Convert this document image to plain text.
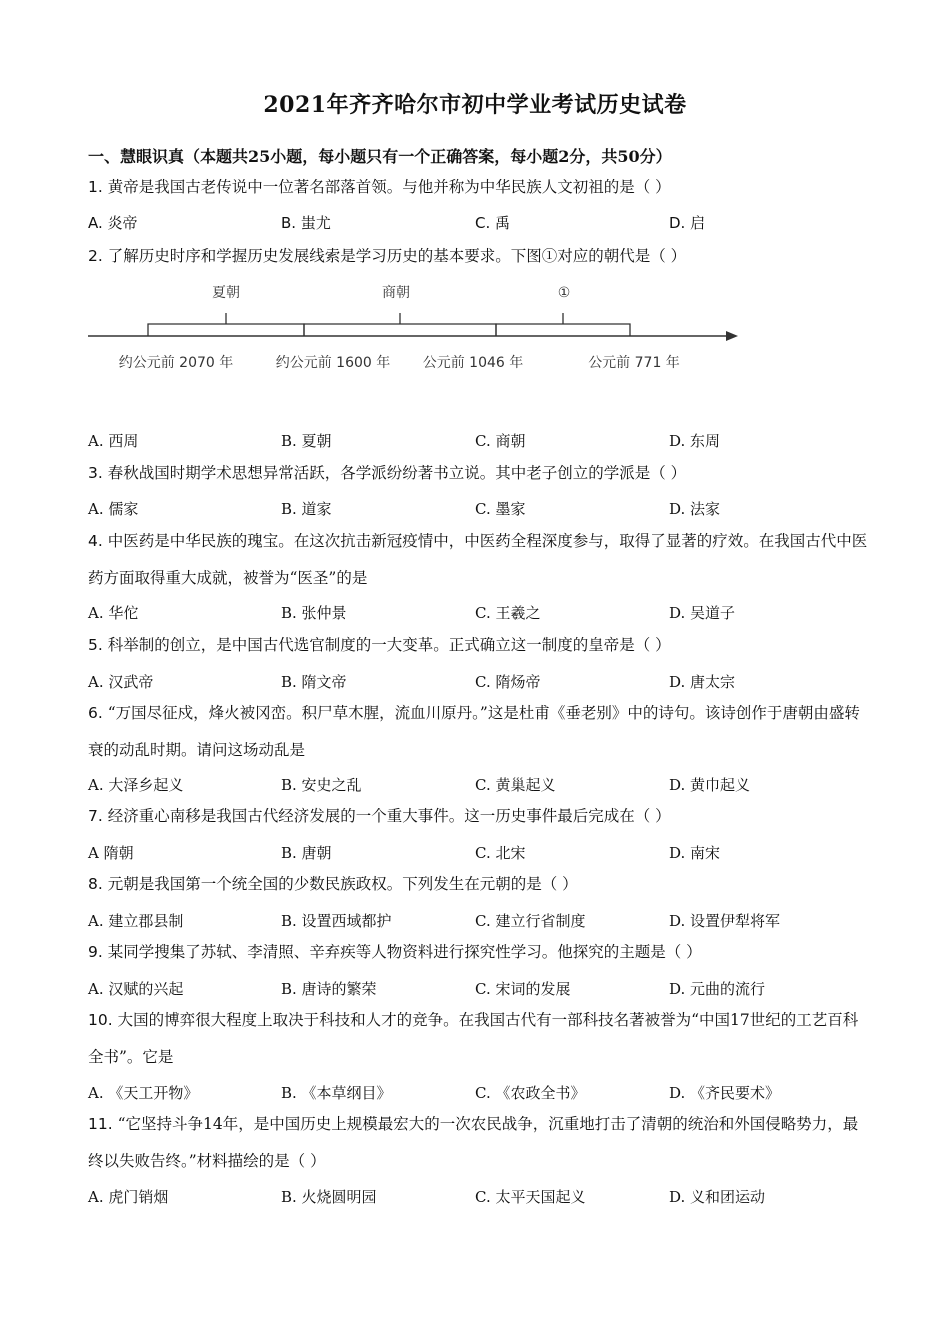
2021年齐齐哈尔市初中学业考试历史试卷
一、慧眼识真（本题共25小题，每小题只有一个正确答案，每小题2分，共50分）
1. 黄帝是我国古老传说中一位著名部落首领。与他并称为中华民族人文初祖的是（ ）
A. 炎帝	B. 蚩尤	C. 禹	D. 启
2. 了解历史时序和学握历史发展线索是学习历史的基本要求。下图①对应的朝代是（ ）
夏朝	商朝	①
约公元前 2070 年	约公元前 1600 年 公元前 1046 年	公元前 771 年
A. 西周	B. 夏朝	C. 商朝	D. 东周
3. 春秋战国时期学术思想异常活跃，各学派纷纷著书立说。其中老子创立的学派是（ ）
A. 儒家	B. 道家	C. 墨家	D. 法家
4. 中医药是中华民族的瑰宝。在这次抗击新冠疫情中，中医药全程深度参与，取得了显著的疗效。在我国古代中医药方面取得重大成就，被誉为“医圣”的是
A. 华佗	B. 张仲景	C. 王羲之	D. 吴道子
5. 科举制的创立，是中国古代选官制度的一大变革。正式确立这一制度的皇帝是（ ）
A. 汉武帝	B. 隋文帝	C. 隋炀帝	D. 唐太宗
6. “万国尽征戍，烽火被冈峦。积尸草木腥，流血川原丹。”这是杜甫《垂老别》中的诗句。该诗创作于唐朝由盛转衰的动乱时期。请问这场动乱是
A. 大泽乡起义	B. 安史之乱	C. 黄巢起义	D. 黄巾起义
7. 经济重心南移是我国古代经济发展的一个重大事件。这一历史事件最后完成在（ ）
A 隋朝	B. 唐朝	C. 北宋	D. 南宋
8. 元朝是我国第一个统全国的少数民族政权。下列发生在元朝的是（ ）
A. 建立郡县制	B. 设置西域都护	C. 建立行省制度	D. 设置伊犁将军
9. 某同学搜集了苏轼、李清照、辛弃疾等人物资料进行探究性学习。他探究的主题是（ ）
A. 汉赋的兴起	B. 唐诗的繁荣	C. 宋词的发展	D. 元曲的流行
10. 大国的博弈很大程度上取决于科技和人才的竞争。在我国古代有一部科技名著被誉为“中国17世纪的工艺百科全书”。它是
A. 《天工开物》	B. 《本草纲目》	C. 《农政全书》	D. 《齐民要术》
11. “它坚持斗争14年，是中国历史上规模最宏大的一次农民战争，沉重地打击了清朝的统治和外国侵略势力，最终以失败告终。”材料描绘的是（ ）
A. 虎门销烟	B. 火烧圆明园	C. 太平天国起义	D. 义和团运动
